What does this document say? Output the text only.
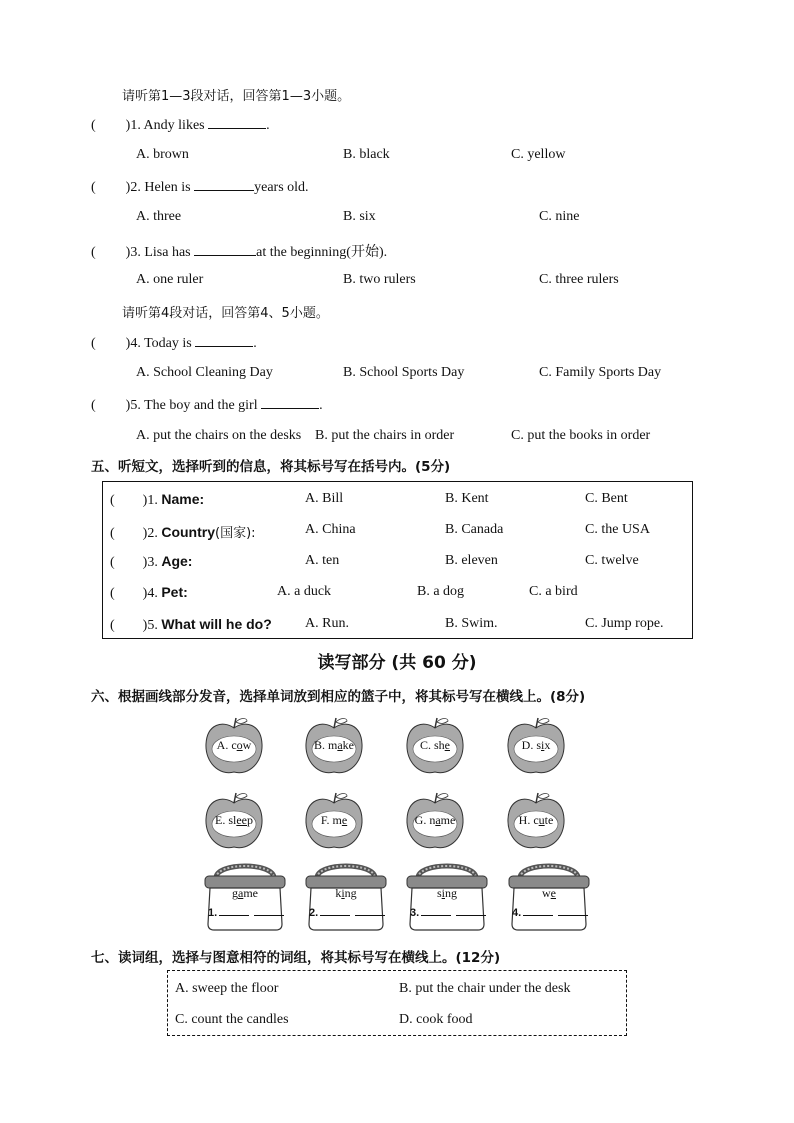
请听第1—3段对话，回答第1—3小题。
( )1. Andy likes	.
A. brown	B. black	C. yellow
( )2. Helen is	years old.
A. three	B. six	C. nine
( )3. Lisa has	at the beginning(开始).
A. one ruler	B. two rulers	C. three rulers
请听第4段对话，回答第4、5小题。
( )4. Today is	.
A. School Cleaning Day	B. School Sports Day	C. Family Sports Day
( )5. The boy and the girl	.
A. put the chairs on the desks B. put the chairs in order	C. put the books in order
五、听短文，选择听到的信息，将其标号写在括号内。(5分)
( )1. Name:	A. Bill	B. Kent	C. Bent
( )2. Country(国家):	A. China	B. Canada	C. the USA
( )3. Age:	A. ten	B. eleven	C. twelve
( )4. Pet:	A. a duck	B. a dog	C. a bird
( )5. What will he do? A. Run.	B. Swim.	C. Jump rope.
读写部分 (共 60 分)
六、根据画线部分发音，选择单词放到相应的篮子中，将其标号写在横线上。(8分)
A. cow	B. make	C. she	D. six
E. sleep	F. me	G. name	H. cute
game
1.
king
2.
sing
3.
we
4.
七、读词组，选择与图意相符的词组，将其标号写在横线上。(12分)
A. sweep the floor	B. put the chair under the desk
C. count the candles	D. cook food
